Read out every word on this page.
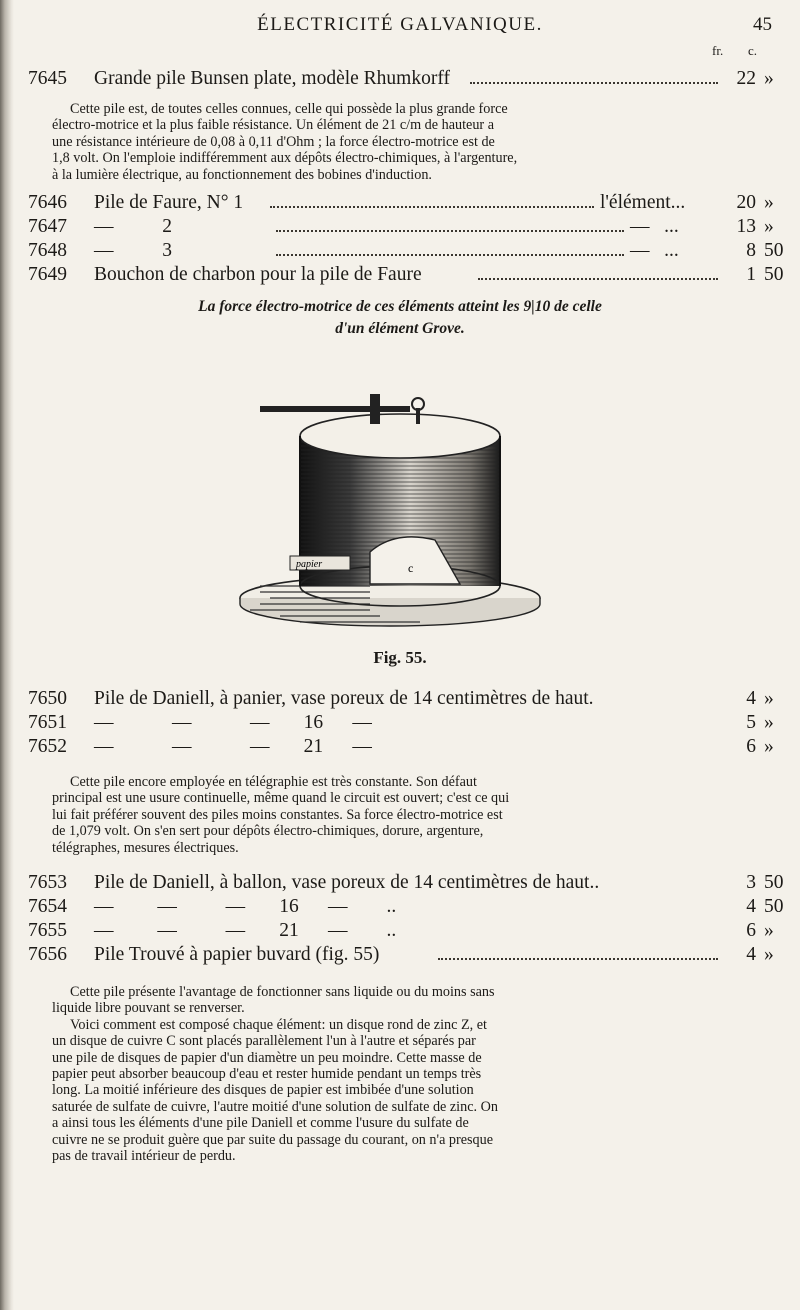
ÉLECTRICITÉ GALVANIQUE.	45
fr. c.
7645 Grande pile Bunsen plate, modèle Rhumkorff	22 »

Cette pile est, de toutes celles connues, celle qui possède la plus grande force
électro-motrice et la plus faible résistance. Un élément de 21 c/m de hauteur a
une résistance intérieure de 0,08 à 0,11 d'Ohm ; la force électro-motrice est de
1,8 volt. On l'emploie indifféremment aux dépôts électro-chimiques, à l'argenture,
à la lumière électrique, au fonctionnement des bobines d'induction.

7646 Pile de Faure, N° 1	l'élément...	20 »
7647 —          2	—   ...	13 »
7648 —          3	—   ...	8 50
7649 Bouchon de charbon pour la pile de Faure	1 50
La force électro-motrice de ces éléments atteint les 9|10 de celle
d'un élément Grove.
c
papier
Fig. 55.
7650 Pile de Daniell, à panier, vase poreux de 14 centimètres de haut.	4 »
7651 —            —            —       16      —	5 »
7652 —            —            —       21      —	6 »

Cette pile encore employée en télégraphie est très constante. Son défaut
principal est une usure continuelle, même quand le circuit est ouvert; c'est ce qui
lui fait préférer souvent des piles moins constantes. Sa force électro-motrice est
de 1,079 volt. On s'en sert pour dépôts électro-chimiques, dorure, argenture,
télégraphes, mesures électriques.

7653 Pile de Daniell, à ballon, vase poreux de 14 centimètres de haut..	3 50
7654 —         —          —       16      —        ..	4 50
7655 —         —          —       21      —        ..	6 »
7656 Pile Trouvé à papier buvard (fig. 55)	4 »

Cette pile présente l'avantage de fonctionner sans liquide ou du moins sans
liquide libre pouvant se renverser.
Voici comment est composé chaque élément: un disque rond de zinc Z, et
un disque de cuivre C sont placés parallèlement l'un à l'autre et séparés par
une pile de disques de papier d'un diamètre un peu moindre. Cette masse de
papier peut absorber beaucoup d'eau et rester humide pendant un temps très
long. La moitié inférieure des disques de papier est imbibée d'une solution
saturée de sulfate de cuivre, l'autre moitié d'une solution de sulfate de zinc. On
a ainsi tous les éléments d'une pile Daniell et comme l'usure du sulfate de
cuivre ne se produit guère que par suite du passage du courant, on n'a presque
pas de travail intérieur de perdu.
